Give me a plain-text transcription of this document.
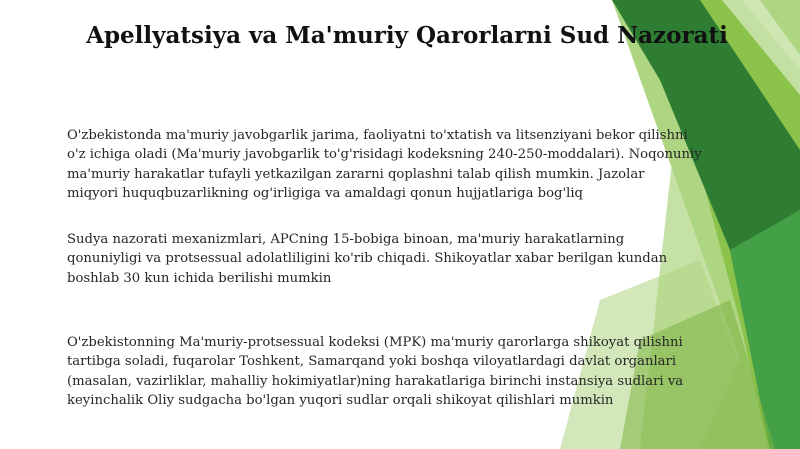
Apellyatsiya va Ma'muriy Qarorlarni Sud Nazorati
O'zbekistonda ma'muriy javobgarlik jarima, faoliyatni to'xtatish va litsenziyani bekor qilishni
o'z ichiga oladi (Ma'muriy javobgarlik to'g'risidagi kodeksning 240-250-moddalari). Noqonuniy
ma'muriy harakatlar tufayli yetkazilgan zararni qoplashni talab qilish mumkin. Jazolar
miqyori huquqbuzarlikning og'irligiga va amaldagi qonun hujjatlariga bog'liq
Sudya nazorati mexanizmlari, APCning 15-bobiga binoan, ma'muriy harakatlarning
qonuniyligi va protsessual adolatliligini ko'rib chiqadi. Shikoyatlar xabar berilgan kundan
boshlab 30 kun ichida berilishi mumkin
O'zbekistonning Ma'muriy-protsessual kodeksi (MPK) ma'muriy qarorlarga shikoyat qilishni
tartibga soladi, fuqarolar Toshkent, Samarqand yoki boshqa viloyatlardagi davlat organlari
(masalan, vazirliklar, mahalliy hokimiyatlar)ning harakatlariga birinchi instansiya sudlari va
keyinchalik Oliy sudgacha bo'lgan yuqori sudlar orqali shikoyat qilishlari mumkin
